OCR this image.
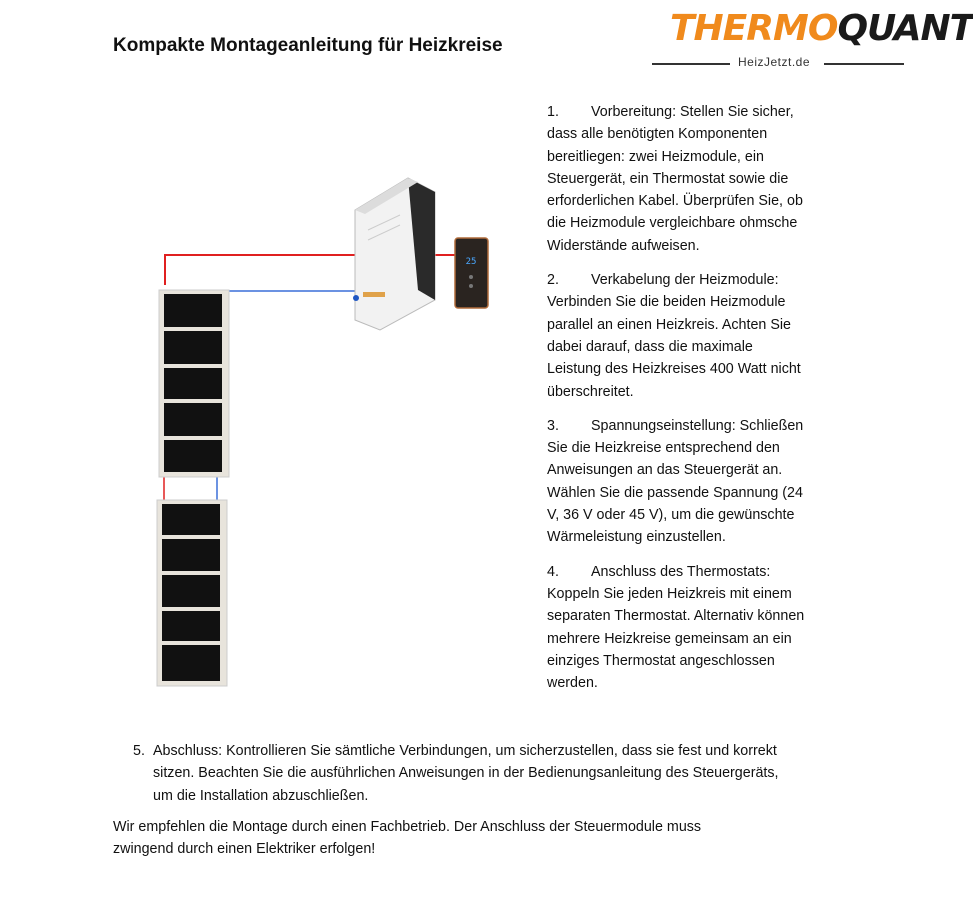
Kompakte Montageanleitung für Heizkreise	THERMOQUANT
HeizJetzt.de
25
1. Vorbereitung: Stellen Sie sicher, dass alle benötigten Komponenten bereitliegen: zwei Heizmodule, ein Steuergerät, ein Thermostat sowie die erforderlichen Kabel. Überprüfen Sie, ob die Heizmodule vergleichbare ohmsche Widerstände aufweisen.
2. Verkabelung der Heizmodule: Verbinden Sie die beiden Heizmodule parallel an einen Heizkreis. Achten Sie dabei darauf, dass die maximale Leistung des Heizkreises 400 Watt nicht überschreitet.
3. Spannungseinstellung: Schließen Sie die Heizkreise entsprechend den Anweisungen an das Steuergerät an. Wählen Sie die passende Spannung (24 V, 36 V oder 45 V), um die gewünschte Wärmeleistung einzustellen.
4. Anschluss des Thermostats: Koppeln Sie jeden Heizkreis mit einem separaten Thermostat. Alternativ können mehrere Heizkreise gemeinsam an ein einziges Thermostat angeschlossen werden.
5. Abschluss: Kontrollieren Sie sämtliche Verbindungen, um sicherzustellen, dass sie fest und korrekt sitzen. Beachten Sie die ausführlichen Anweisungen in der Bedienungsanleitung des Steuergeräts, um die Installation abzuschließen.
Wir empfehlen die Montage durch einen Fachbetrieb. Der Anschluss der Steuermodule muss zwingend durch einen Elektriker erfolgen!
